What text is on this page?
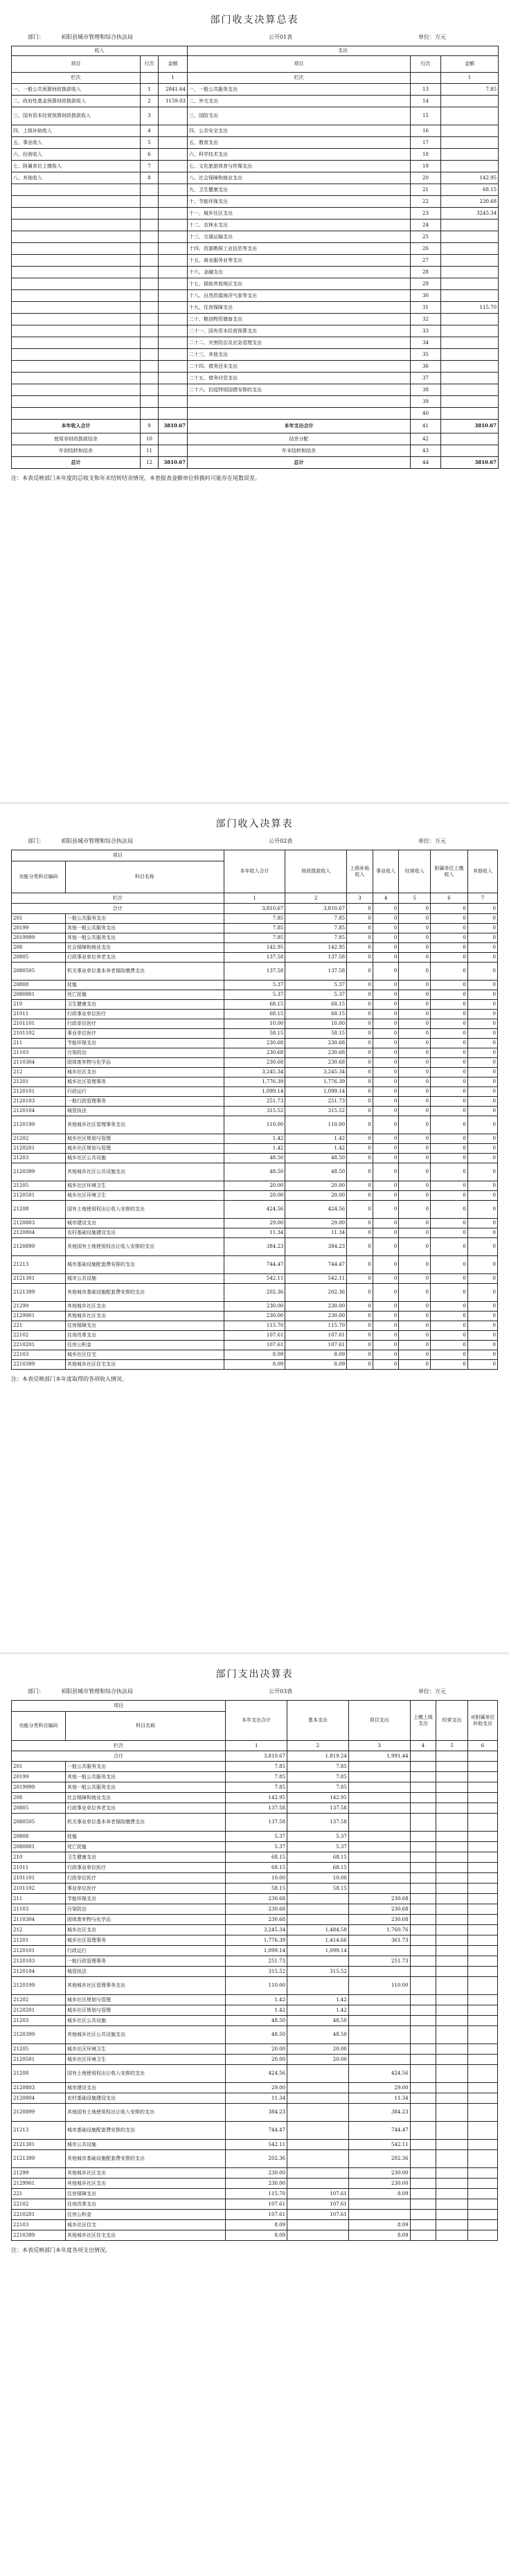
部门收支决算总表
部门：	祁阳县城市管理和综合执法局	公开01表	单位：万元
收入			支出		
项目	行次	金额	项目	行次	金额
栏次		1	栏次		1
一、一般公共预算财政拨款收入	1	2841.64	一、一般公共服务支出	13	7.85
二、政府性基金预算财政拨款收入	2	1159.03	二、外交支出	14	
三、国有资本经营预算财政拨款收入	3		三、国防支出	15	
四、上级补助收入	4		四、公共安全支出	16	
五、事业收入	5		五、教育支出	17	
六、经营收入	6		六、科学技术支出	18	
七、附属单位上缴收入	7		七、文化旅游体育与传媒支出	19	
八、其他收入	8		八、社会保障和就业支出	20	142.95
			九、卫生健康支出	21	68.15
			十、节能环保支出	22	230.68
			十一、城乡社区支出	23	3245.34
			十二、农林水支出	24	
			十三、交通运输支出	25	
			十四、资源勘探工业信息等支出	26	
			十五、商业服务业等支出	27	
			十六、金融支出	28	
			十七、援助其他地区支出	29	
			十八、自然资源海洋气象等支出	30	
			十九、住房保障支出	31	115.70
			二十、粮油物资储备支出	32	
			二十一、国有资本经营预算支出	33	
			二十二、灾害防治及应急管理支出	34	
			二十三、其他支出	35	
			二十四、债务还本支出	36	
			二十五、债务付息支出	37	
			二十六、抗疫特别国债安排的支出	38	
				39	
				40	
本年收入合计	9	3810.67	本年支出合计	41	3810.67
使用非财政拨款结余	10		结余分配	42	
年初结转和结余	11		年末结转和结余	43	
总计	12	3810.67	总计	44	3810.67
注：本表反映部门本年度的总收支和年末结转结余情况。本套报表金额单位转换时可能存在尾数误差。
部门收入决算表
部门：	祁阳县城市管理和综合执法局	公开02表	单位：万元
项目		本年收入合计	财政拨款收入	上级补助收入	事业收入	经营收入	附属单位上缴收入	其他收入
功能分类科目编码	科目名称							
栏次		1	2	3	4	5	6	7
合计		3,810.67	3,810.67	0	0	0	0	0
201	一般公共服务支出	7.85	7.85	0	0	0	0	0
20199	其他一般公共服务支出	7.85	7.85	0	0	0	0	0
2019999	其他一般公共服务支出	7.85	7.85	0	0	0	0	0
208	社会保障和就业支出	142.95	142.95	0	0	0	0	0
20805	行政事业单位养老支出	137.58	137.58	0	0	0	0	0
2080505	机关事业单位基本养老保险缴费支出	137.58	137.58	0	0	0	0	0
20808	抚恤	5.37	5.37	0	0	0	0	0
2080801	死亡抚恤	5.37	5.37	0	0	0	0	0
210	卫生健康支出	68.15	68.15	0	0	0	0	0
21011	行政事业单位医疗	68.15	68.15	0	0	0	0	0
2101101	行政单位医疗	10.00	10.00	0	0	0	0	0
2101102	事业单位医疗	58.15	58.15	0	0	0	0	0
211	节能环保支出	230.68	230.68	0	0	0	0	0
21103	污染防治	230.68	230.68	0	0	0	0	0
2110304	固体废弃物与化学品	230.68	230.68	0	0	0	0	0
212	城乡社区支出	3,245.34	3,245.34	0	0	0	0	0
21201	城乡社区管理事务	1,776.39	1,776.39	0	0	0	0	0
2120101	行政运行	1,099.14	1,099.14	0	0	0	0	0
2120103	一般行政管理事务	251.73	251.73	0	0	0	0	0
2120104	城管执法	315.52	315.52	0	0	0	0	0
2120199	其他城乡社区管理事务支出	110.00	110.00	0	0	0	0	0
21202	城乡社区规划与管理	1.42	1.42	0	0	0	0	0
2120201	城乡社区规划与管理	1.42	1.42	0	0	0	0	0
21203	城乡社区公共设施	48.50	48.50	0	0	0	0	0
2120399	其他城乡社区公共设施支出	48.50	48.50	0	0	0	0	0
21205	城乡社区环境卫生	20.00	20.00	0	0	0	0	0
2120501	城乡社区环境卫生	20.00	20.00	0	0	0	0	0
21208	国有土地使用权出让收入安排的支出	424.56	424.56	0	0	0	0	0
2120803	城市建设支出	29.00	29.00	0	0	0	0	0
2120804	农村基础设施建设支出	11.34	11.34	0	0	0	0	0
2120899	其他国有土地使用权出让收入安排的支出	384.23	384.23	0	0	0	0	0
21213	城市基础设施配套费安排的支出	744.47	744.47	0	0	0	0	0
2121301	城市公共设施	542.11	542.11	0	0	0	0	0
2121399	其他城市基础设施配套费安排的支出	202.36	202.36	0	0	0	0	0
21299	其他城乡社区支出	230.00	230.00	0	0	0	0	0
2129901	其他城乡社区支出	230.00	230.00	0	0	0	0	0
221	住房保障支出	115.70	115.70	0	0	0	0	0
22102	住房改革支出	107.61	107.61	0	0	0	0	0
2210201	住房公积金	107.61	107.61	0	0	0	0	0
22103	城乡社区住宅	8.09	8.09	0	0	0	0	0
2210399	其他城乡社区住宅支出	8.09	8.09	0	0	0	0	0
注：本表反映部门本年度取得的各项收入情况。
部门支出决算表
部门：	祁阳县城市管理和综合执法局	公开03表	单位：万元
项目		本年支出合计	基本支出	项目支出	上缴上级支出	经营支出	对附属单位补助支出
功能分类科目编码	科目名称						
栏次		1	2	3	4	5	6
合计		3,810.67	1,819.24	1,991.44			
201	一般公共服务支出	7.85	7.85				
20199	其他一般公共服务支出	7.85	7.85				
2019999	其他一般公共服务支出	7.85	7.85				
208	社会保障和就业支出	142.95	142.95				
20805	行政事业单位养老支出	137.58	137.58				
2080505	机关事业单位基本养老保险缴费支出	137.58	137.58				
20808	抚恤	5.37	5.37				
2080801	死亡抚恤	5.37	5.37				
210	卫生健康支出	68.15	68.15				
21011	行政事业单位医疗	68.15	68.15				
2101101	行政单位医疗	10.00	10.00				
2101102	事业单位医疗	58.15	58.15				
211	节能环保支出	230.68		230.68			
21103	污染防治	230.68		230.68			
2110304	固体废弃物与化学品	230.68		230.68			
212	城乡社区支出	3,245.34	1,484.58	1,760.76			
21201	城乡社区管理事务	1,776.39	1,414.66	361.73			
2120101	行政运行	1,099.14	1,099.14				
2120103	一般行政管理事务	251.73		251.73			
2120104	城管执法	315.52	315.52				
2120199	其他城乡社区管理事务支出	110.00		110.00			
21202	城乡社区规划与管理	1.42	1.42				
2120201	城乡社区规划与管理	1.42	1.42				
21203	城乡社区公共设施	48.50	48.50				
2120399	其他城乡社区公共设施支出	48.50	48.50				
21205	城乡社区环境卫生	20.00	20.00				
2120501	城乡社区环境卫生	20.00	20.00				
21208	国有土地使用权出让收入安排的支出	424.56		424.56			
2120803	城市建设支出	29.00		29.00			
2120804	农村基础设施建设支出	11.34		11.34			
2120899	其他国有土地使用权出让收入安排的支出	384.23		384.23			
21213	城市基础设施配套费安排的支出	744.47		744.47			
2121301	城市公共设施	542.11		542.11			
2121399	其他城市基础设施配套费安排的支出	202.36		202.36			
21299	其他城乡社区支出	230.00		230.00			
2129901	其他城乡社区支出	230.00		230.00			
221	住房保障支出	115.70	107.61	8.09			
22102	住房改革支出	107.61	107.61				
2210201	住房公积金	107.61	107.61				
22103	城乡社区住宅	8.09		8.09			
2210399	其他城乡社区住宅支出	8.09		8.09			
注：本表反映部门本年度各项支出情况。
